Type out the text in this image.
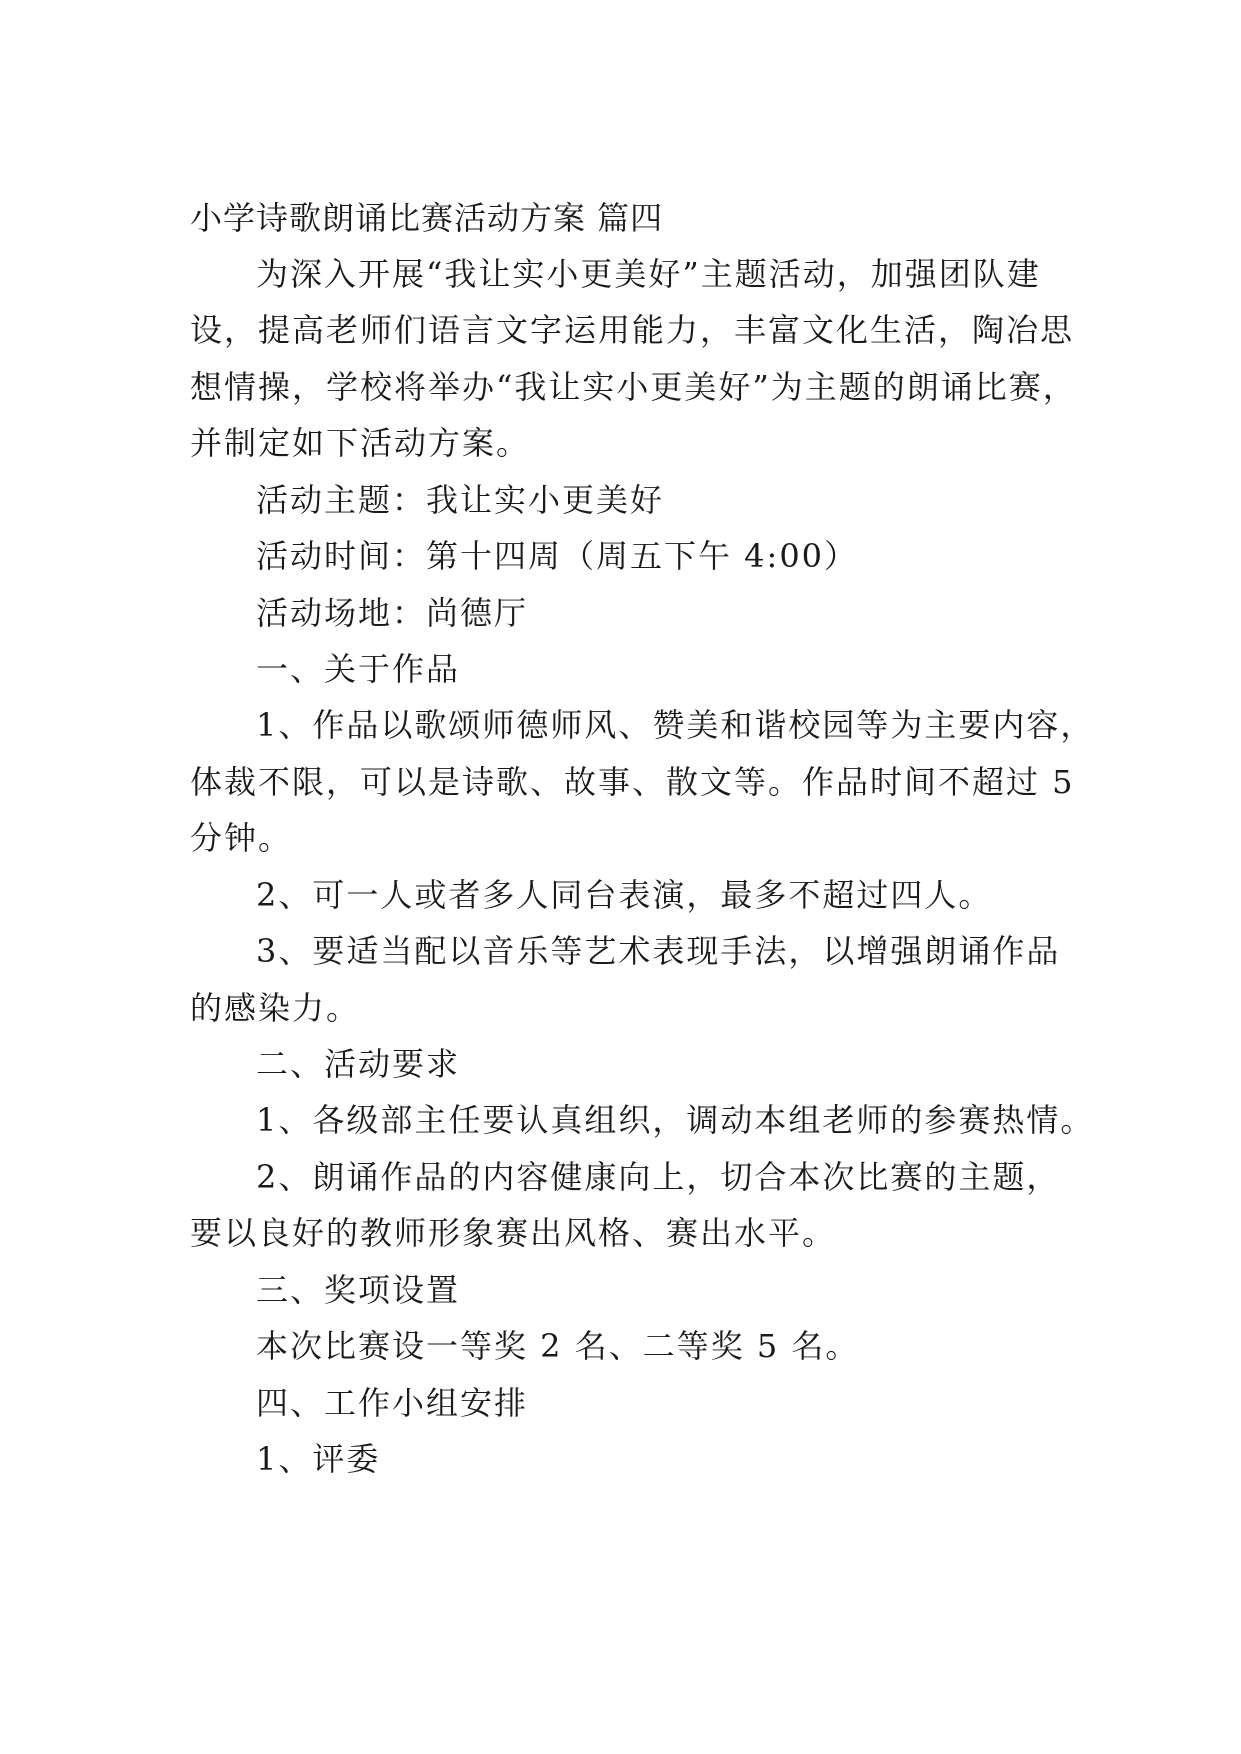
小学诗歌朗诵比赛活动方案 篇四
为深入开展“我让实小更美好”主题活动，加强团队建
设，提高老师们语言文字运用能力，丰富文化生活，陶冶思
想情操，学校将举办“我让实小更美好”为主题的朗诵比赛，
并制定如下活动方案。
活动主题：我让实小更美好
活动时间：第十四周（周五下午 4:00）
活动场地：尚德厅
一、关于作品
1、作品以歌颂师德师风、赞美和谐校园等为主要内容，
体裁不限，可以是诗歌、故事、散文等。作品时间不超过 5
分钟。
2、可一人或者多人同台表演，最多不超过四人。
3、要适当配以音乐等艺术表现手法，以增强朗诵作品
的感染力。
二、活动要求
1、各级部主任要认真组织，调动本组老师的参赛热情。
2、朗诵作品的内容健康向上，切合本次比赛的主题，
要以良好的教师形象赛出风格、赛出水平。
三、奖项设置
本次比赛设一等奖 2 名、二等奖 5 名。
四、工作小组安排
1、评委
